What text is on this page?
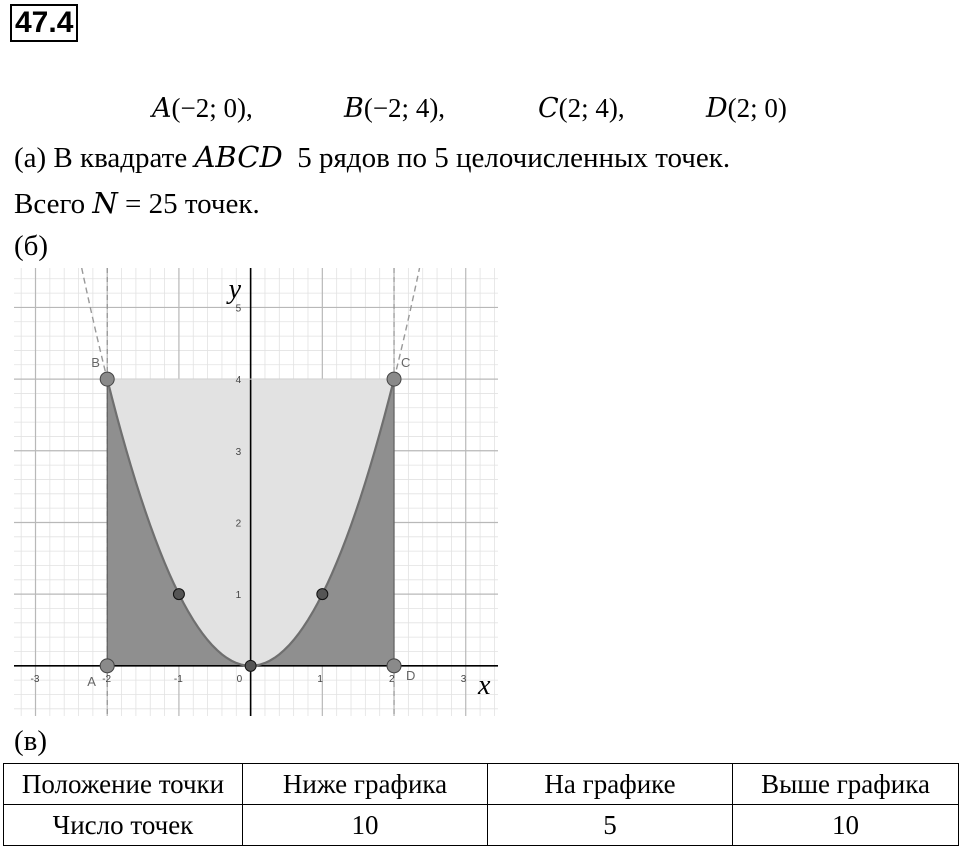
47.4
A(−2; 0),	B(−2; 4),	C(2; 4),	D(2; 0)
(а) В квадрате ABCD  5 рядов по 5 целочисленных точек.
Всего N = 25 точек.
(б)
-3	-2	-1	0	1	2	3
1
2
3
4
5
A
B	C
D x
y
(в)
Положение точки	Ниже графика	На графике	Выше графика
Число точек	10	5	10
